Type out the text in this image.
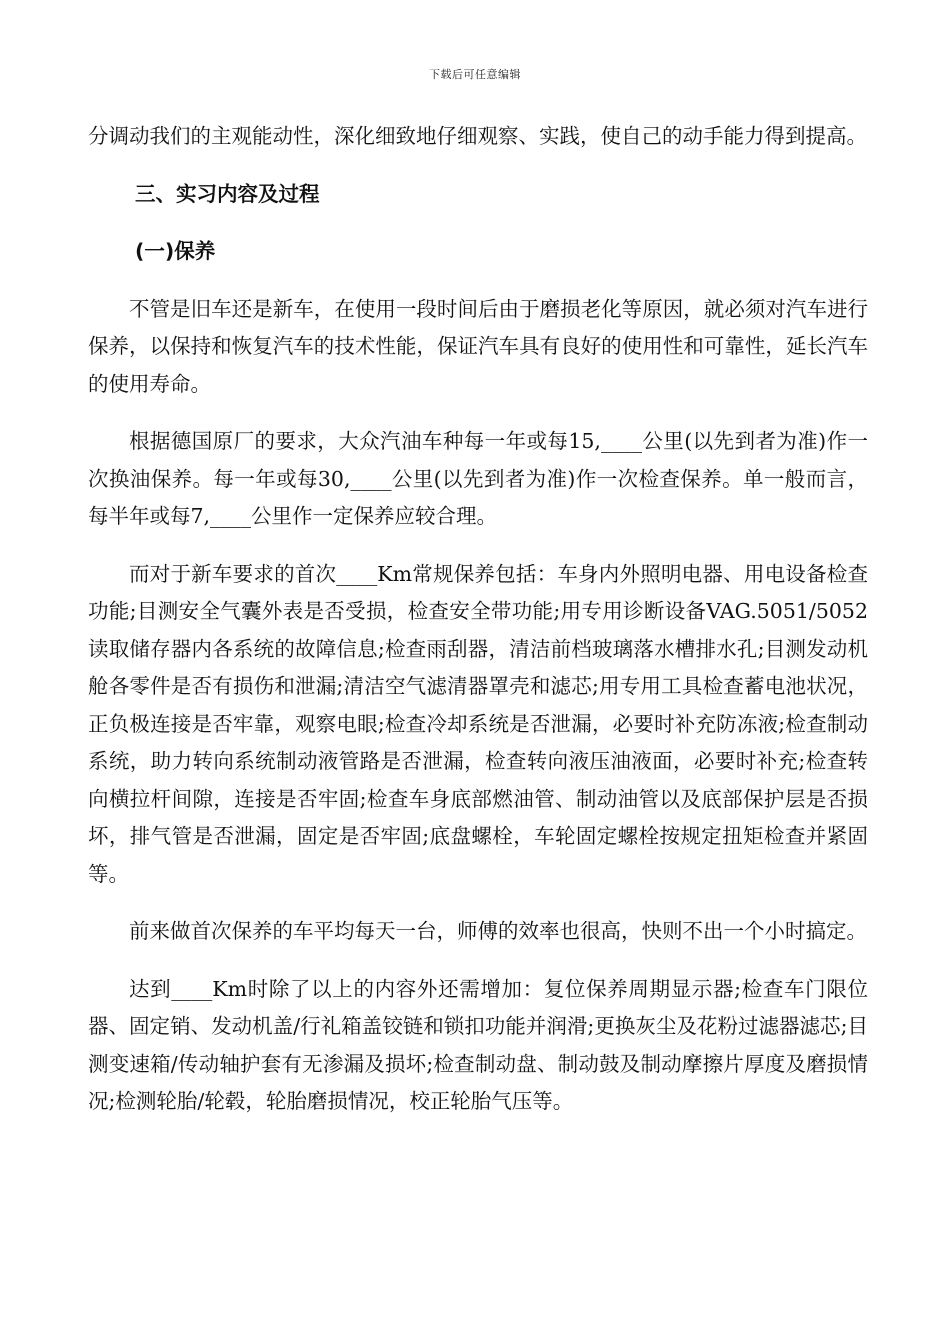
下载后可任意编辑

分调动我们的主观能动性，深化细致地仔细观察、实践，使自己的动手能力得到提高。

三、实习内容及过程

(一)保养

不管是旧车还是新车，在使用一段时间后由于磨损老化等原因，就必须对汽车进行保养，以保持和恢复汽车的技术性能，保证汽车具有良好的使用性和可靠性，延长汽车的使用寿命。

根据德国原厂的要求，大众汽油车种每一年或每15,____公里(以先到者为准)作一次换油保养。每一年或每30,____公里(以先到者为准)作一次检查保养。单一般而言，每半年或每7,____公里作一定保养应较合理。

而对于新车要求的首次____Km常规保养包括：车身内外照明电器、用电设备检查功能;目测安全气囊外表是否受损，检查安全带功能;用专用诊断设备VAG.5051/5052读取储存器内各系统的故障信息;检查雨刮器，清洁前档玻璃落水槽排水孔;目测发动机舱各零件是否有损伤和泄漏;清洁空气滤清器罩壳和滤芯;用专用工具检查蓄电池状况，正负极连接是否牢靠，观察电眼;检查冷却系统是否泄漏，必要时补充防冻液;检查制动系统，助力转向系统制动液管路是否泄漏，检查转向液压油液面，必要时补充;检查转向横拉杆间隙，连接是否牢固;检查车身底部燃油管、制动油管以及底部保护层是否损坏，排气管是否泄漏，固定是否牢固;底盘螺栓，车轮固定螺栓按规定扭矩检查并紧固等。

前来做首次保养的车平均每天一台，师傅的效率也很高，快则不出一个小时搞定。

达到____Km时除了以上的内容外还需增加：复位保养周期显示器;检查车门限位器、固定销、发动机盖/行礼箱盖铰链和锁扣功能并润滑;更换灰尘及花粉过滤器滤芯;目测变速箱/传动轴护套有无渗漏及损坏;检查制动盘、制动鼓及制动摩擦片厚度及磨损情况;检测轮胎/轮毂，轮胎磨损情况，校正轮胎气压等。
